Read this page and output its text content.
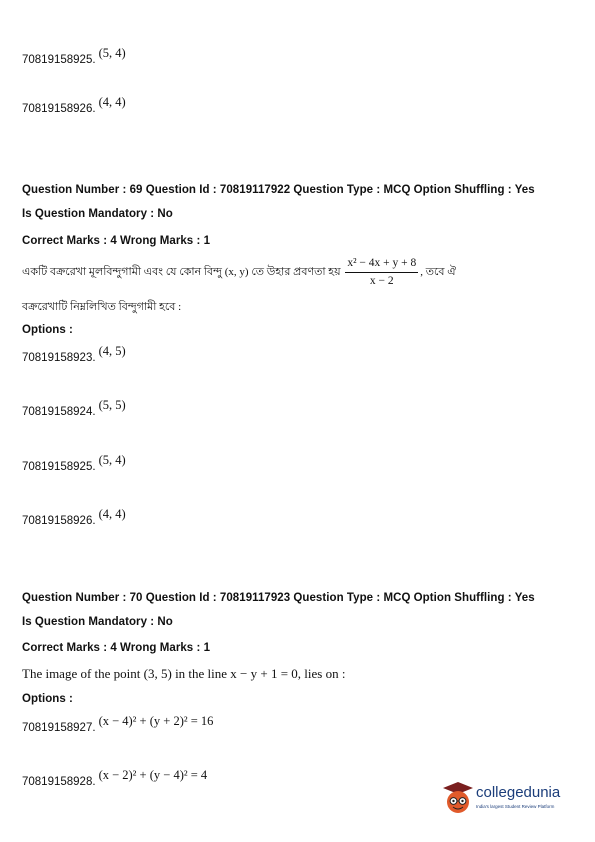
70819158925. (5, 4)
70819158926. (4, 4)
Question Number : 69 Question Id : 70819117922 Question Type : MCQ Option Shuffling : Yes
Is Question Mandatory : No
Correct Marks : 4 Wrong Marks : 1
একটি বক্ররেখা মূলবিন্দুগামী এবং যে কোন বিন্দু (x, y) তে উহার প্রবণতা হয় $\frac{\text{x² − 4x + y + 8}}{x - 2}$ , তবে ঐ
বক্ররেখাটি নিম্নলিখিত বিন্দুগামী হবে :
Options :
70819158923. (4, 5)
70819158924. (5, 5)
70819158925. (5, 4)
70819158926. (4, 4)
Question Number : 70 Question Id : 70819117923 Question Type : MCQ Option Shuffling : Yes
Is Question Mandatory : No
Correct Marks : 4 Wrong Marks : 1
The image of the point (3, 5) in the line x − y + 1 = 0, lies on :
Options :
70819158927. (x − 4)² + (y + 2)² = 16
70819158928. (x − 2)² + (y − 4)² = 4
collegedunia
India's largest Student Review Platform
